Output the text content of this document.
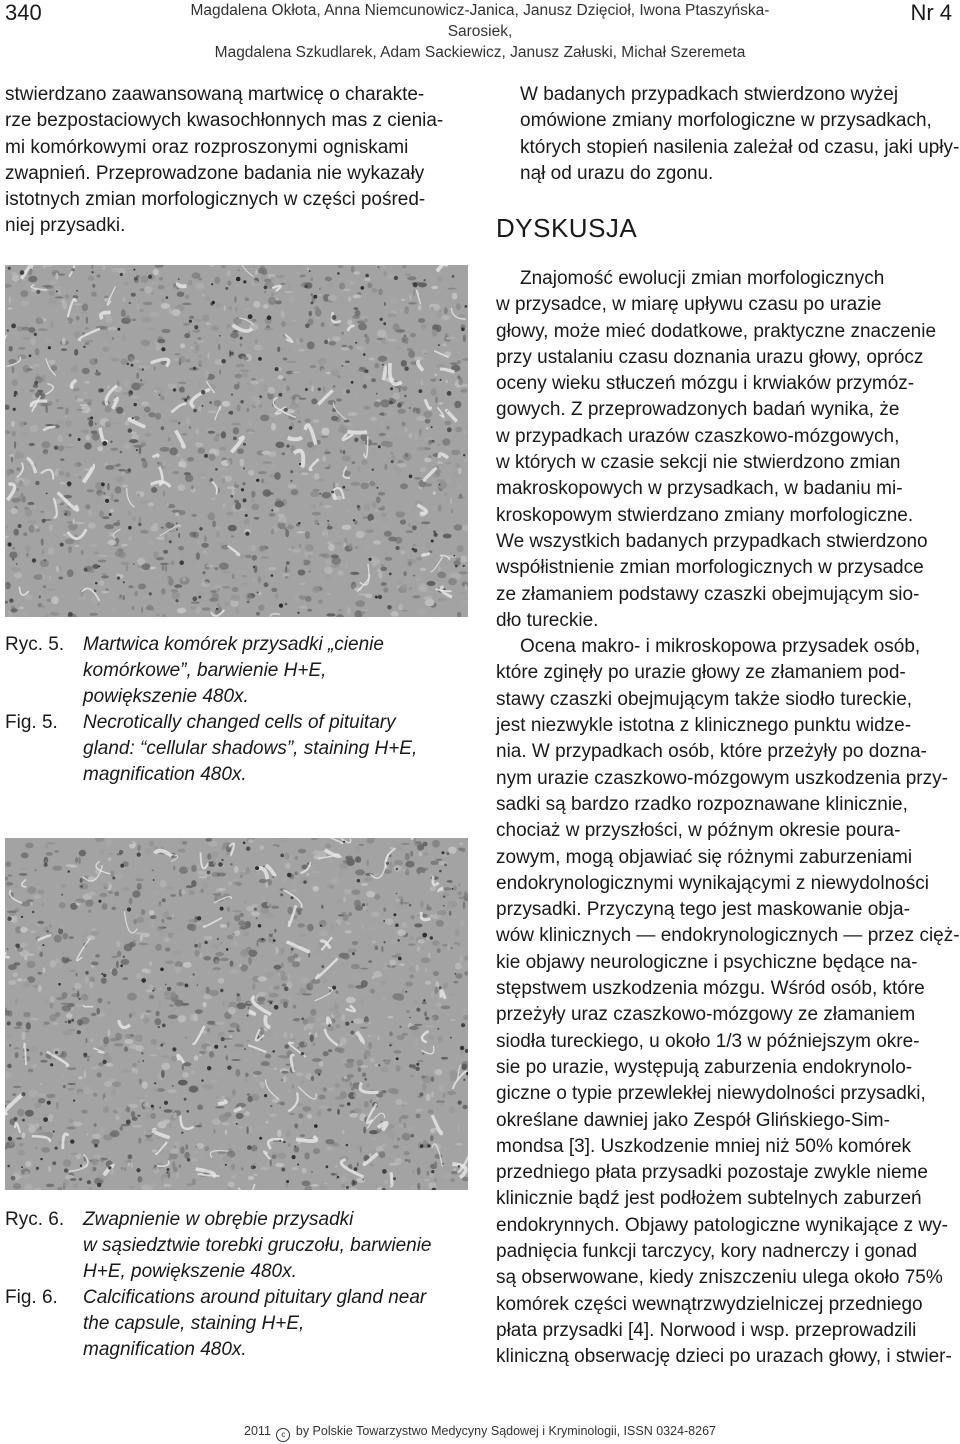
340	Magdalena Okłota, Anna Niemcunowicz-Janica, Janusz Dzięcioł, Iwona Ptaszyńska-Sarosiek,
Magdalena Szkudlarek, Adam Sackiewicz, Janusz Załuski, Michał Szeremeta
Nr 4

stwierdzano zaawansowaną martwicę o charakte-
rze bezpostaciowych kwasochłonnych mas z cienia-
mi komórkowymi oraz rozproszonymi ogniskami
zwapnień. Przeprowadzone badania nie wykazały
istotnych zmian morfologicznych w części pośred-
niej przysadki.

Ryc. 5. Martwica komórek przysadki „cienie
komórkowe”, barwienie H+E,
powiększenie 480x.
Fig. 5.	Necrotically changed cells of pituitary
gland: “cellular shadows”, staining H+E,
magnification 480x.
Ryc. 6. Zwapnienie w obrębie przysadki
w sąsiedztwie torebki gruczołu, barwienie
H+E, powiększenie 480x.
Fig. 6.	Calcifications around pituitary gland near
the capsule, staining H+E,
magnification 480x.

W badanych przypadkach stwierdzono wyżej
omówione zmiany morfologiczne w przysadkach,
których stopień nasilenia zależał od czasu, jaki upły-
nął od urazu do zgonu.

DYSKUSJA

Znajomość ewolucji zmian morfologicznych
w przysadce, w miarę upływu czasu po urazie
głowy, może mieć dodatkowe, praktyczne znaczenie
przy ustalaniu czasu doznania urazu głowy, oprócz
oceny wieku stłuczeń mózgu i krwiaków przymóz-
gowych. Z przeprowadzonych badań wynika, że
w przypadkach urazów czaszkowo-mózgowych,
w których w czasie sekcji nie stwierdzono zmian
makroskopowych w przysadkach, w badaniu mi-
kroskopowym stwierdzano zmiany morfologiczne.
We wszystkich badanych przypadkach stwierdzono
współistnienie zmian morfologicznych w przysadce
ze złamaniem podstawy czaszki obejmującym sio-
dło tureckie.
Ocena makro- i mikroskopowa przysadek osób,
które zginęły po urazie głowy ze złamaniem pod-
stawy czaszki obejmującym także siodło tureckie,
jest niezwykle istotna z klinicznego punktu widze-
nia. W przypadkach osób, które przeżyły po dozna-
nym urazie czaszkowo-mózgowym uszkodzenia przy-
sadki są bardzo rzadko rozpoznawane klinicznie,
chociaż w przyszłości, w późnym okresie poura-
zowym, mogą objawiać się różnymi zaburzeniami
endokrynologicznymi wynikającymi z niewydolności
przysadki. Przyczyną tego jest maskowanie obja-
wów klinicznych — endokrynologicznych — przez cięż-
kie objawy neurologiczne i psychiczne będące na-
stępstwem uszkodzenia mózgu. Wśród osób, które
przeżyły uraz czaszkowo-mózgowy ze złamaniem
siodła tureckiego, u około 1/3 w późniejszym okre-
sie po urazie, występują zaburzenia endokrynolo-
giczne o typie przewlekłej niewydolności przysadki,
określane dawniej jako Zespół Glińskiego-Sim-
mondsa [3]. Uszkodzenie mniej niż 50% komórek
przedniego płata przysadki pozostaje zwykle nieme
klinicznie bądź jest podłożem subtelnych zaburzeń
endokrynnych. Objawy patologiczne wynikające z wy-
padnięcia funkcji tarczycy, kory nadnerczy i gonad
są obserwowane, kiedy zniszczeniu ulega około 75%
komórek części wewnątrzwydzielniczej przedniego
płata przysadki [4]. Norwood i wsp. przeprowadzili
kliniczną obserwację dzieci po urazach głowy, i stwier-

2011 c by Polskie Towarzystwo Medycyny Sądowej i Kryminologii, ISSN 0324-8267
